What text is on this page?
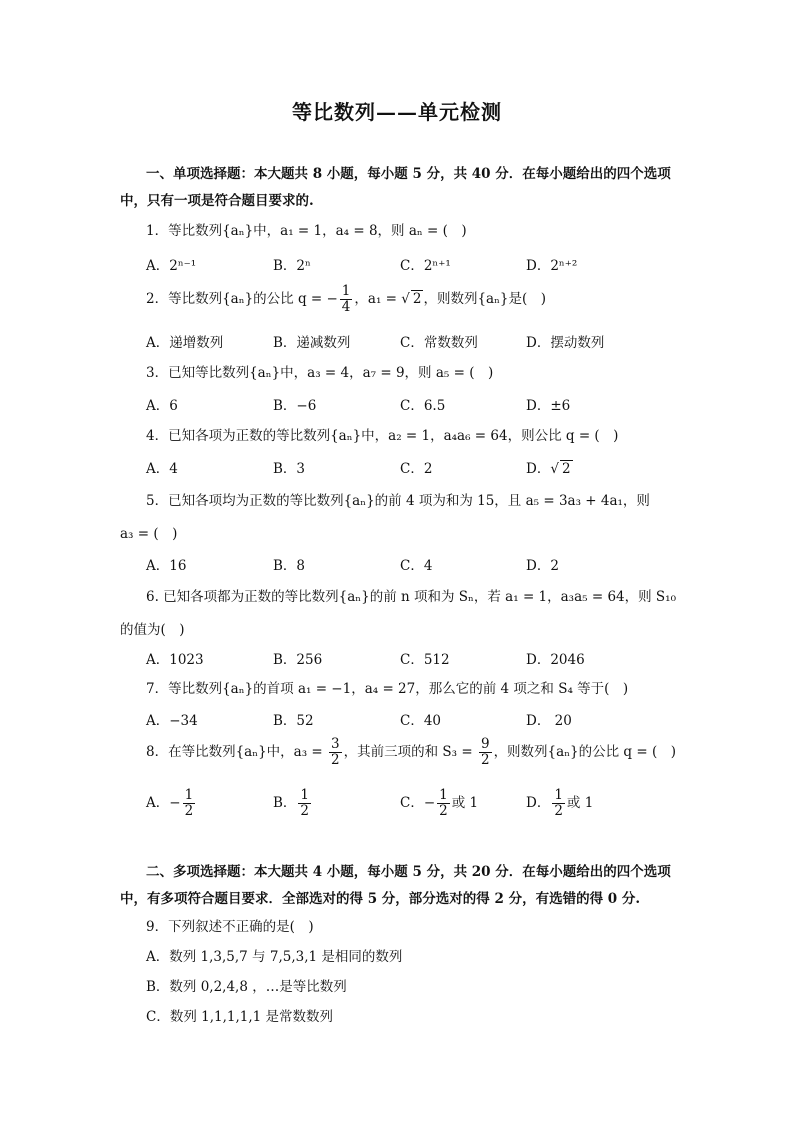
等比数列——单元检测
一、单项选择题：本大题共 8 小题，每小题 5 分，共 40 分．在每小题给出的四个选项
中，只有一项是符合题目要求的.
1．等比数列{aₙ}中，a₁ = 1，a₄ = 8，则 aₙ = (　)
A．2ⁿ⁻¹	B．2ⁿ	C．2ⁿ⁺¹	D．2ⁿ⁺²
2．等比数列{aₙ}的公比 q = − $\frac{1}{4}$ ，a₁ = √ 2 ，则数列{aₙ}是(　)
A．递增数列	B．递减数列	C．常数数列	D．摆动数列
3．已知等比数列{aₙ}中，a₃ = 4，a₇ = 9，则 a₅ = (　)
A．6	B．−6	C．6.5	D．±6
4．已知各项为正数的等比数列{aₙ}中，a₂ = 1，a₄a₆ = 64，则公比 q = (　)
A．4	B．3	C．2	D．√ 2
5．已知各项均为正数的等比数列{aₙ}的前 4 项为和为 15，且 a₅ = 3a₃ + 4a₁，则
a₃ = (　)
A．16	B．8	C．4	D．2
6. 已知各项都为正数的等比数列{aₙ}的前 n 项和为 Sₙ，若 a₁ = 1，a₃a₅ = 64，则 S₁₀
的值为(　)
A．1023	B．256	C．512	D．2046
7．等比数列{aₙ}的首项 a₁ = −1，a₄ = 27，那么它的前 4 项之和 S₄ 等于(　)
A．−34	B．52	C．40	D． 20
8．在等比数列{aₙ}中，$a_3 = \frac{3}{2}$ ，其前三项的和 $S_3 = \frac{9}{2}$ ，则数列{aₙ}的公比 q = (　)
A．− $\frac{1}{2}$	B． $\frac{1}{2}$	C．− $\frac{1}{2}$ 或 1	D． $\frac{1}{2}$ 或 1
二、多项选择题：本大题共 4 小题，每小题 5 分，共 20 分．在每小题给出的四个选项
中，有多项符合题目要求．全部选对的得 5 分，部分选对的得 2 分，有选错的得 0 分.
9．下列叙述不正确的是(　)
A．数列 1,3,5,7 与 7,5,3,1 是相同的数列
B．数列 0,2,4,8 ，…是等比数列
C．数列 1,1,1,1,1 是常数数列
